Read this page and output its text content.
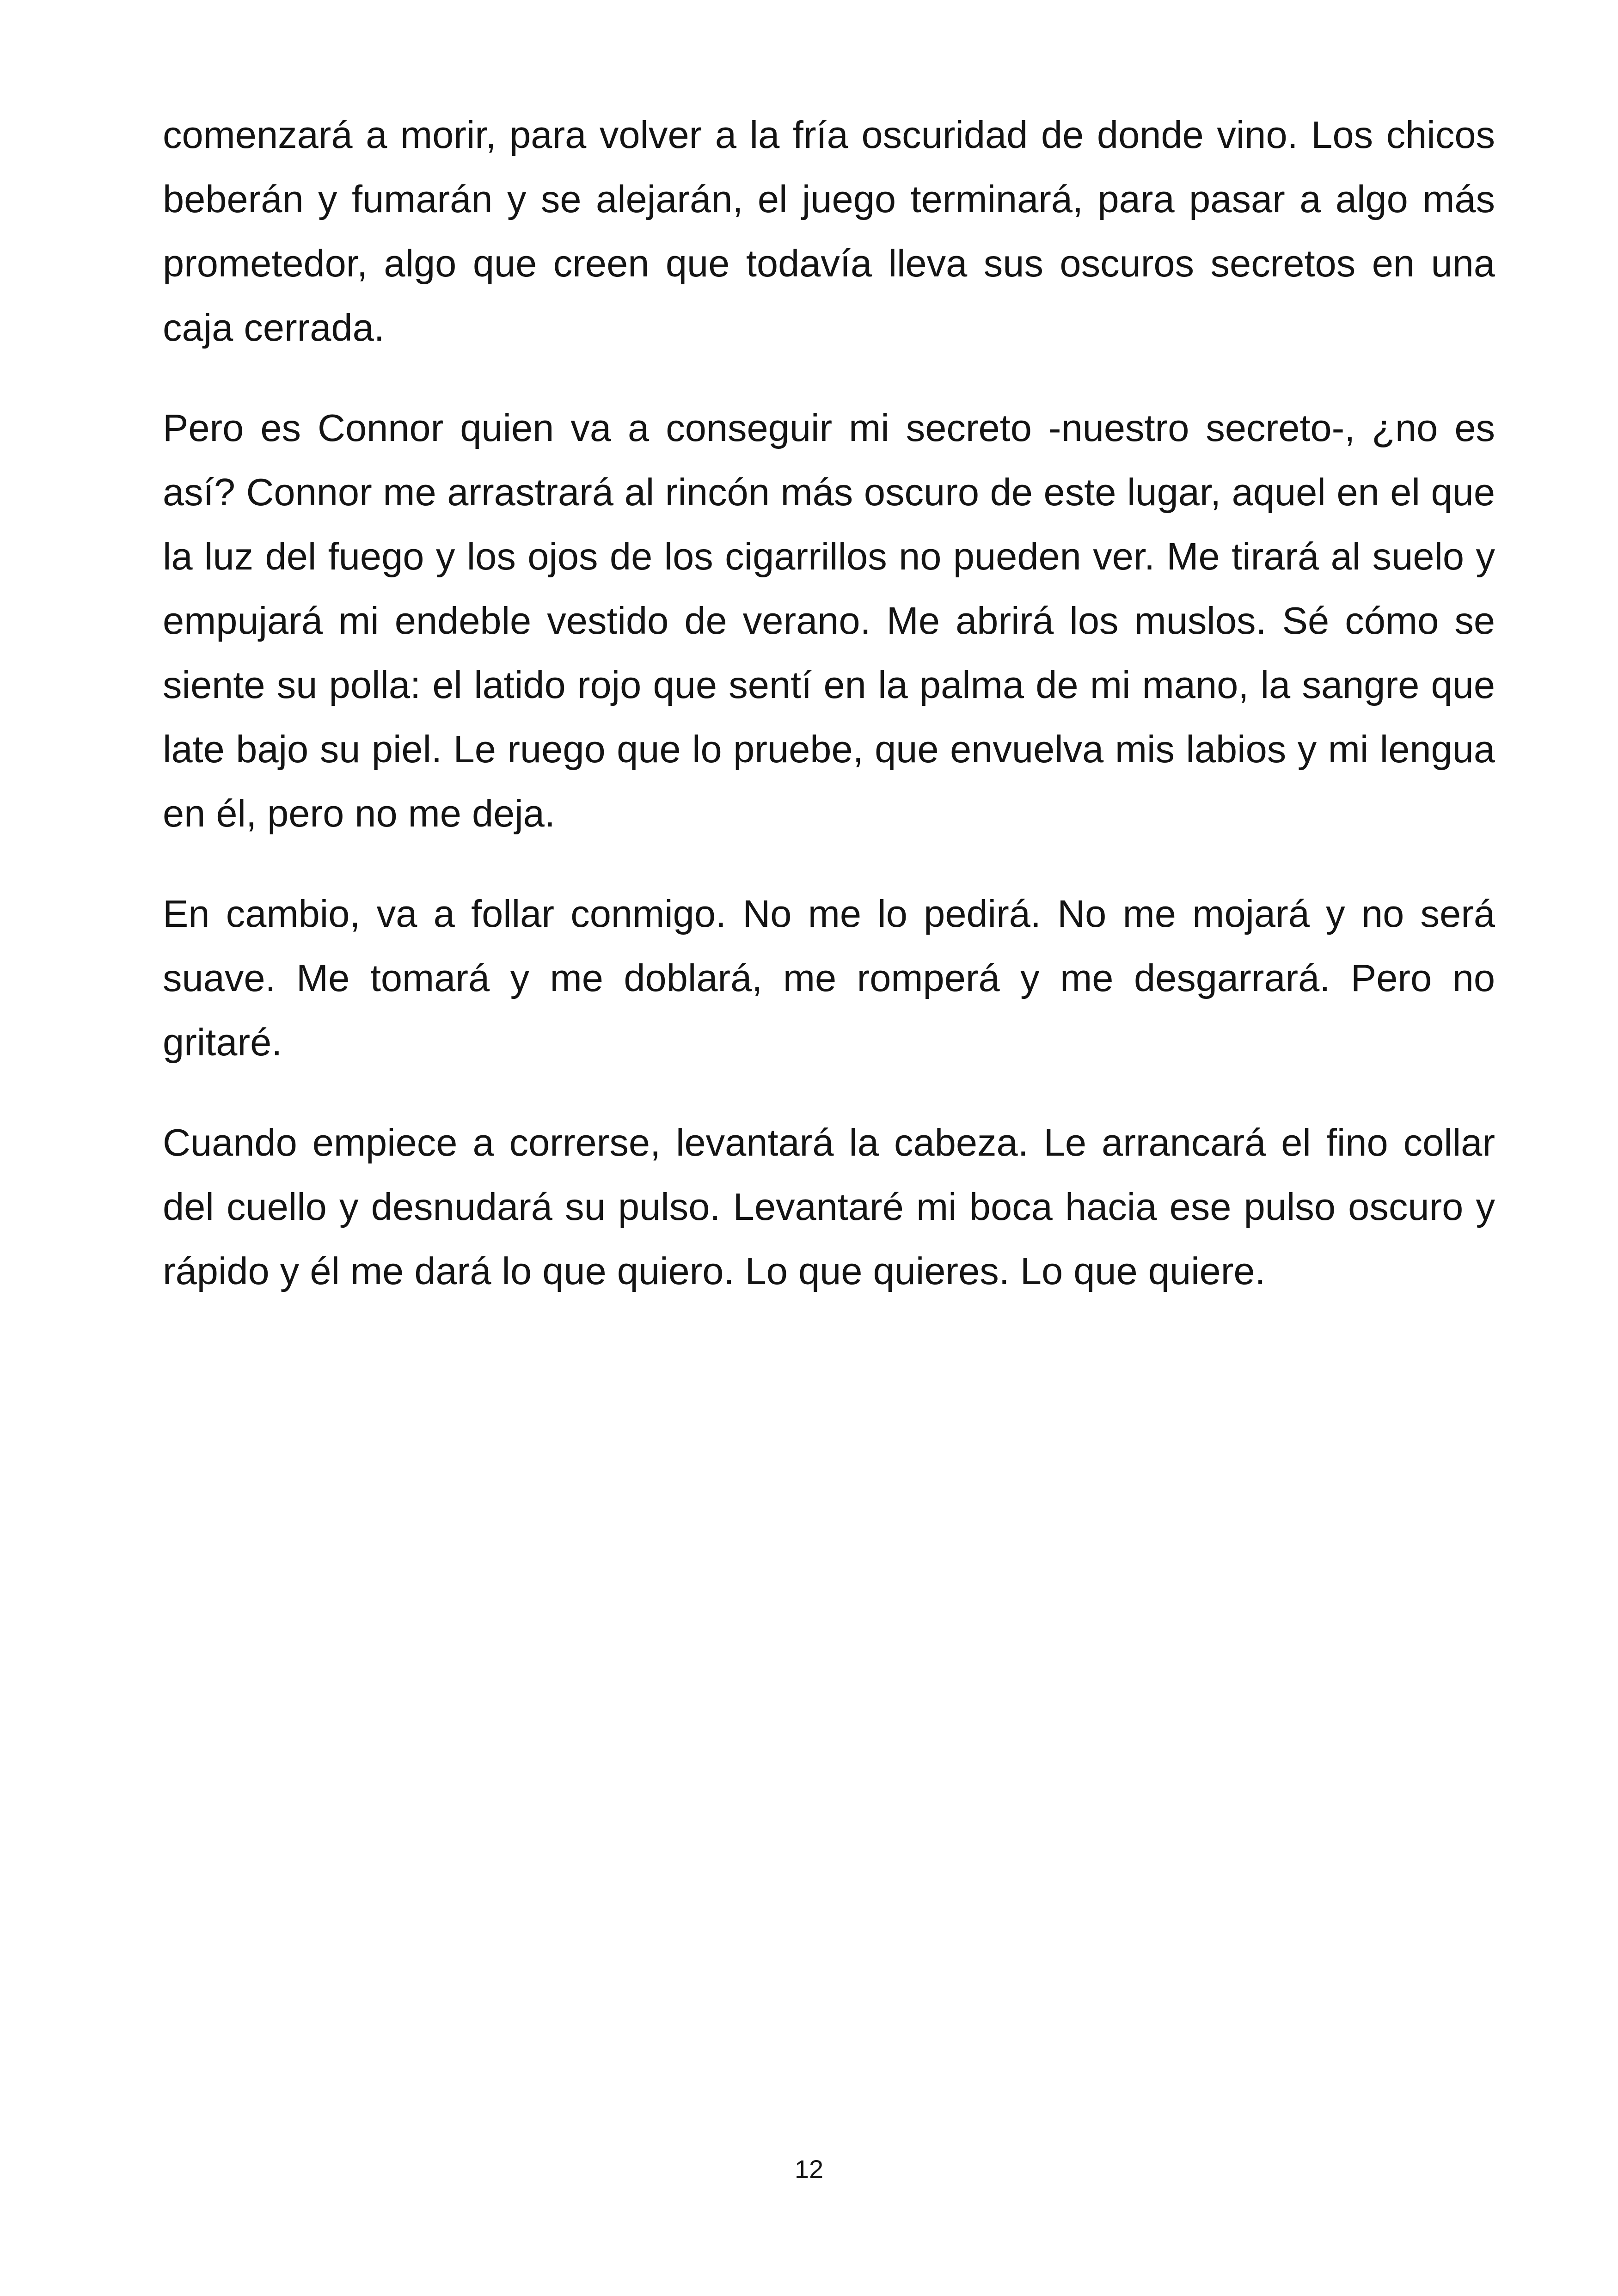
comenzará a morir, para volver a la fría oscuridad de donde vino. Los chicos beberán y fumarán y se alejarán, el juego terminará, para pasar a algo más prometedor, algo que creen que todavía lleva sus oscuros secretos en una caja cerrada.

Pero es Connor quien va a conseguir mi secreto -nuestro secreto-, ¿no es así? Connor me arrastrará al rincón más oscuro de este lugar, aquel en el que la luz del fuego y los ojos de los cigarrillos no pueden ver. Me tirará al suelo y empujará mi endeble vestido de verano. Me abrirá los muslos. Sé cómo se siente su polla: el latido rojo que sentí en la palma de mi mano, la sangre que late bajo su piel. Le ruego que lo pruebe, que envuelva mis labios y mi lengua en él, pero no me deja.

En cambio, va a follar conmigo. No me lo pedirá. No me mojará y no será suave. Me tomará y me doblará, me romperá y me desgarrará. Pero no gritaré.

Cuando empiece a correrse, levantará la cabeza. Le arrancará el fino collar del cuello y desnudará su pulso. Levantaré mi boca hacia ese pulso oscuro y rápido y él me dará lo que quiero. Lo que quieres. Lo que quiere.

12
